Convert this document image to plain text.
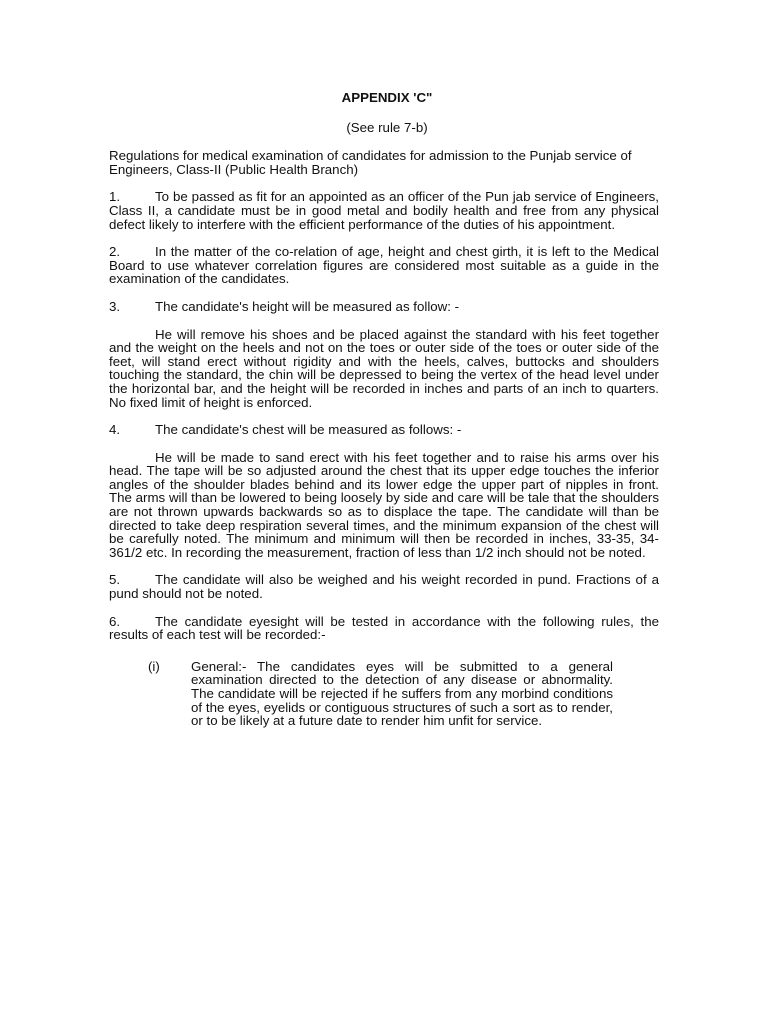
APPENDIX 'C"
(See rule 7-b)

Regulations for medical examination of candidates for admission to the Punjab service of Engineers, Class-II (Public Health Branch)

1.	To be passed as fit for an appointed as an officer of the Pun jab service of Engineers, Class II, a candidate must be in good metal and bodily health and free from any physical defect likely to interfere with the efficient performance of the duties of his appointment.

2.	In the matter of the co-relation of age, height and chest girth, it is left to the Medical Board to use whatever correlation figures are considered most suitable as a guide in the examination of the candidates.

3.	The candidate's height will be measured as follow: -

He will remove his shoes and be placed against the standard with his feet together and the weight on the heels and not on the toes or outer side of the toes or outer side of the feet, will stand erect without rigidity and with the heels, calves, buttocks and shoulders touching the standard, the chin will be depressed to being the vertex of the head level under the horizontal bar, and the height will be recorded in inches and parts of an inch to quarters. No fixed limit of height is enforced.

4.	The candidate's chest will be measured as follows: -

He will be made to sand erect with his feet together and to raise his arms over his head. The tape will be so adjusted around the chest that its upper edge touches the inferior angles of the shoulder blades behind and its lower edge the upper part of nipples in front. The arms will than be lowered to being loosely by side and care will be tale that the shoulders are not thrown upwards backwards so as to displace the tape. The candidate will than be directed to take deep respiration several times, and the minimum expansion of the chest will be carefully noted. The minimum and minimum will then be recorded in inches, 33-35, 34-361/2 etc. In recording the measurement, fraction of less than 1/2 inch should not be noted.

5.	The candidate will also be weighed and his weight recorded in pund. Fractions of a pund should not be noted.

6.	The candidate eyesight will be tested in accordance with the following rules, the results of each test will be recorded:-

(i)	General:- The candidates eyes will be submitted to a general examination directed to the detection of any disease or abnormality. The candidate will be rejected if he suffers from any morbind conditions of the eyes, eyelids or contiguous structures of such a sort as to render, or to be likely at a future date to render him unfit for service.
